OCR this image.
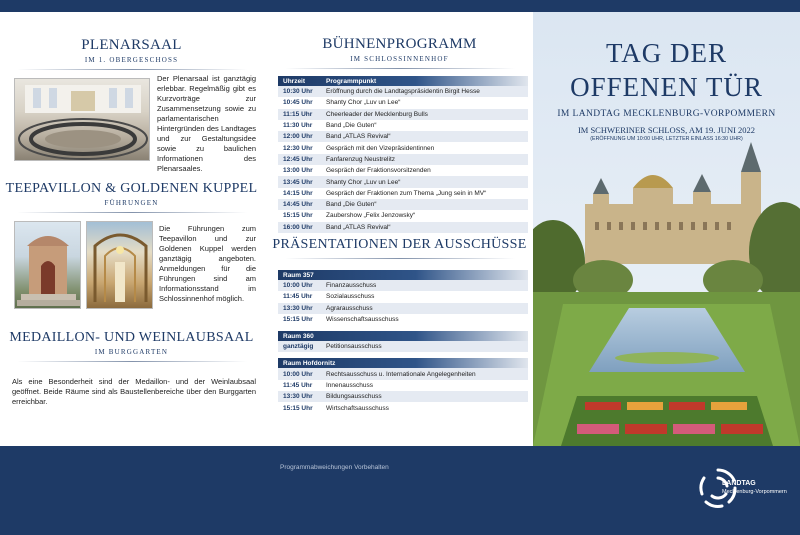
PLENARSAAL
IM 1. OBERGESCHOSS
Der Plenarsaal ist ganztägig erlebbar. Regelmäßig gibt es Kurzvorträge zur Zusammensetzung sowie zu parlamentarischen Hintergründen des Landtages und zur Gestaltungsidee sowie zu baulichen Informationen des Plenarsaales.
TEEPAVILLON & GOLDENEN KUPPEL
FÜHRUNGEN
Die Führungen zum Teepavillon und zur Goldenen Kuppel werden ganztägig angeboten. Anmeldungen für die Führungen sind am Informationsstand im Schlossinnenhof möglich.
MEDAILLON- UND WEINLAUBSAAL
IM BURGGARTEN
Als eine Besonderheit sind der Medaillon- und der Weinlaubsaal geöffnet. Beide Räume sind als Baustellenbereiche über den Burggarten erreichbar.
BÜHNENPROGRAMM
IM SCHLOSSINNENHOF
Uhrzeit	Programmpunkt
10:30 Uhr	Eröffnung durch die Landtagspräsidentin Birgit Hesse
10:45 Uhr	Shanty Chor „Luv un Lee“
11:15 Uhr	Cheerleader der Mecklenburg Bulls
11:30 Uhr	Band „Die Guten“
12:00 Uhr	Band „ATLAS Revival“
12:30 Uhr	Gespräch mit den Vizepräsidentinnen
12:45 Uhr	Fanfarenzug Neustrelitz
13:00 Uhr	Gespräch der Fraktionsvorsitzenden
13:45 Uhr	Shanty Chor „Luv un Lee“
14:15 Uhr	Gespräch der Fraktionen zum Thema „Jung sein in MV“
14:45 Uhr	Band „Die Guten“
15:15 Uhr	Zaubershow „Felix Jenzowsky“
16:00 Uhr	Band „ATLAS Revival“
PRÄSENTATIONEN DER AUSSCHÜSSE
Raum 357
10:00 Uhr	Finanzausschuss
11:45 Uhr	Sozialausschuss
13:30 Uhr	Agrarausschuss
15:15 Uhr	Wissenschaftsausschuss
Raum 360
ganztägig	Petitionsausschuss
Raum Hofdornitz
10:00 Uhr	Rechtsausschuss u. Internationale Angelegenheiten
11:45 Uhr	Innenausschuss
13:30 Uhr	Bildungsausschuss
15:15 Uhr	Wirtschaftsausschuss
TAG DER
OFFENEN TÜR
IM LANDTAG MECKLENBURG-VORPOMMERN
IM SCHWERINER SCHLOSS, AM 19. JUNI 2022
(ERÖFFNUNG UM 10:00 UHR, LETZTER EINLASS 16:30 UHR)
Programmabweichungen Vorbehalten
LANDTAG
Mecklenburg-Vorpommern
